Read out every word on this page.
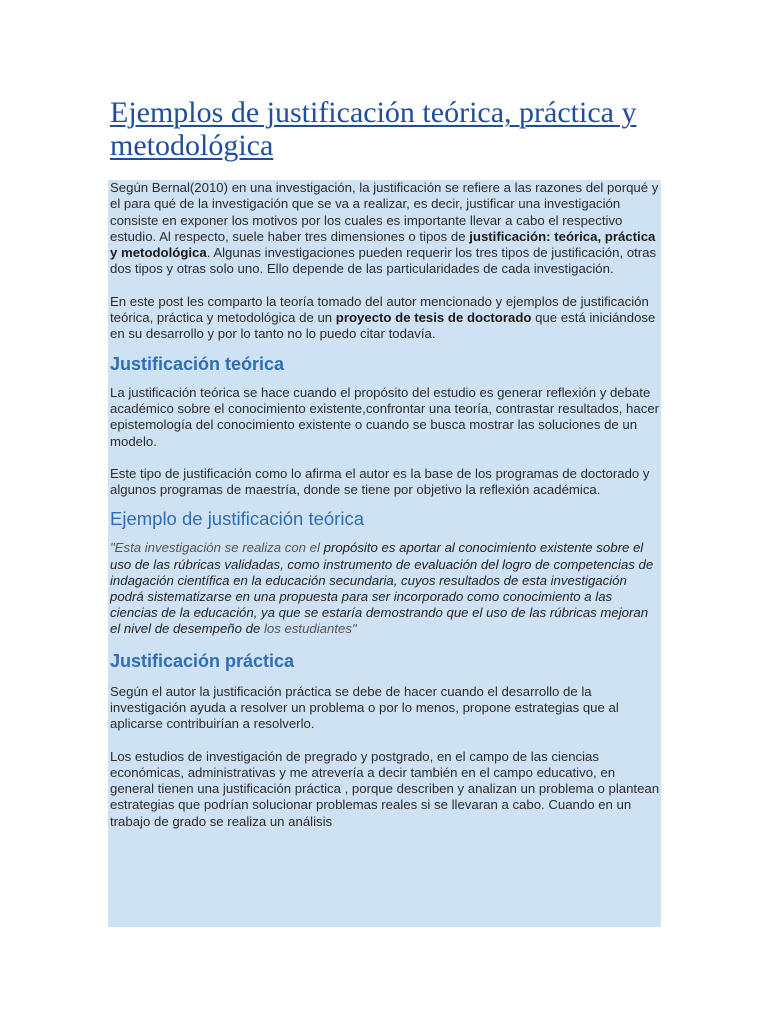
Ejemplos de justificación teórica, práctica y metodológica

Según Bernal(2010) en una investigación, la justificación se refiere a las razones del porqué y el para qué de la investigación que se va a realizar, es decir, justificar una investigación consiste en exponer los motivos por los cuales es importante llevar a cabo el respectivo estudio. Al respecto, suele haber tres dimensiones o tipos de justificación: teórica, práctica y metodológica. Algunas investigaciones pueden requerir los tres tipos de justificación, otras dos tipos y otras solo uno. Ello depende de las particularidades de cada investigación.

En este post les comparto la teoría tomado del autor mencionado y ejemplos de justificación teórica, práctica y metodológica de un proyecto de tesis de doctorado que está iniciándose en su desarrollo y por lo tanto no lo puedo citar todavía.

Justificación teórica

La justificación teórica se hace cuando el propósito del estudio es generar reflexión y debate académico sobre el conocimiento existente,confrontar una teoría, contrastar resultados, hacer epistemología del conocimiento existente o cuando se busca mostrar las soluciones de un modelo.

Este tipo de justificación como lo afirma el autor es la base de los programas de doctorado y algunos programas de maestría, donde se tiene por objetivo la reflexión académica.

Ejemplo de justificación teórica

"Esta investigación se realiza con el propósito es aportar al conocimiento existente sobre el uso de las rúbricas validadas, como instrumento de evaluación del logro de competencias de indagación científica en la educación secundaria, cuyos resultados de esta investigación podrá sistematizarse en una propuesta para ser incorporado como conocimiento a las ciencias de la educación, ya que se estaría demostrando que el uso de las rúbricas mejoran el nivel de desempeño de los estudiantes"

Justificación práctica

Según el autor la justificación práctica se debe de hacer cuando el desarrollo de la investigación ayuda a resolver un problema o por lo menos, propone estrategias que al aplicarse contribuirían a resolverlo.

Los estudios de investigación de pregrado y postgrado, en el campo de las ciencias económicas, administrativas y me atrevería a decir también en el campo educativo, en general tienen una justificación práctica , porque describen y analizan un problema o plantean estrategias que podrían solucionar problemas reales si se llevaran a cabo. Cuando en un trabajo de grado se realiza un análisis
